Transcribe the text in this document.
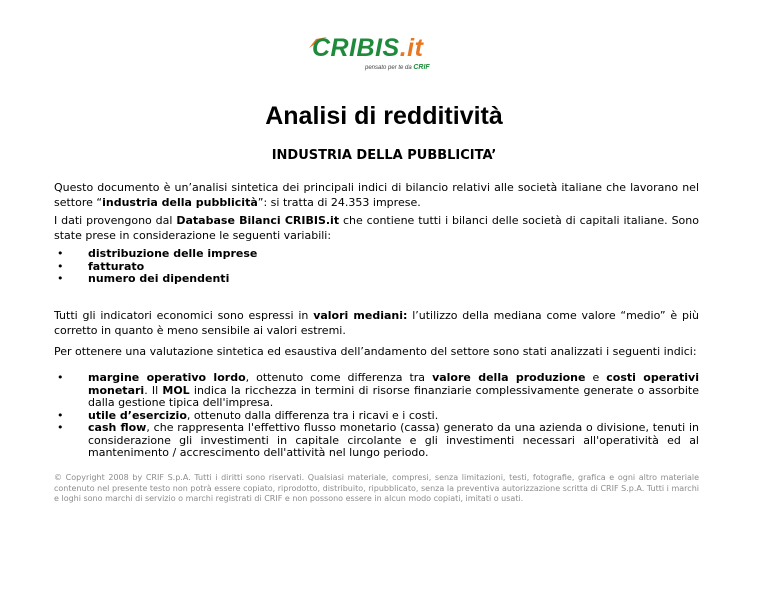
CRIBIS.it
pensato per te da CRIF
Analisi di redditività
INDUSTRIA DELLA PUBBLICITA’
Questo documento è un’analisi sintetica dei principali indici di bilancio relativi alle società italiane che lavorano nel settore “industria della pubblicità”: si tratta di 24.353 imprese.
I dati provengono dal Database Bilanci CRIBIS.it che contiene tutti i bilanci delle società di capitali italiane. Sono state prese in considerazione le seguenti variabili:
• distribuzione delle imprese
• fatturato
• numero dei dipendenti
Tutti gli indicatori economici sono espressi in valori mediani: l’utilizzo della mediana come valore “medio” è più corretto in quanto è meno sensibile ai valori estremi.
Per ottenere una valutazione sintetica ed esaustiva dell’andamento del settore sono stati analizzati i seguenti indici:
• margine operativo lordo, ottenuto come differenza tra valore della produzione e costi operativi monetari. Il MOL indica la ricchezza in termini di risorse finanziarie complessivamente generate o assorbite dalla gestione tipica dell'impresa.
• utile d’esercizio, ottenuto dalla differenza tra i ricavi e i costi.
• cash flow, che rappresenta l'effettivo flusso monetario (cassa) generato da una azienda o divisione, tenuti in considerazione gli investimenti in capitale circolante e gli investimenti necessari all'operatività ed al mantenimento / accrescimento dell'attività nel lungo periodo.
© Copyright 2008 by CRIF S.p.A. Tutti i diritti sono riservati. Qualsiasi materiale, compresi, senza limitazioni, testi, fotografie, grafica e ogni altro materiale contenuto nel presente testo non potrà essere copiato, riprodotto, distribuito, ripubblicato, senza la preventiva autorizzazione scritta di CRIF S.p.A. Tutti i marchi e loghi sono marchi di servizio o marchi registrati di CRIF e non possono essere in alcun modo copiati, imitati o usati.
